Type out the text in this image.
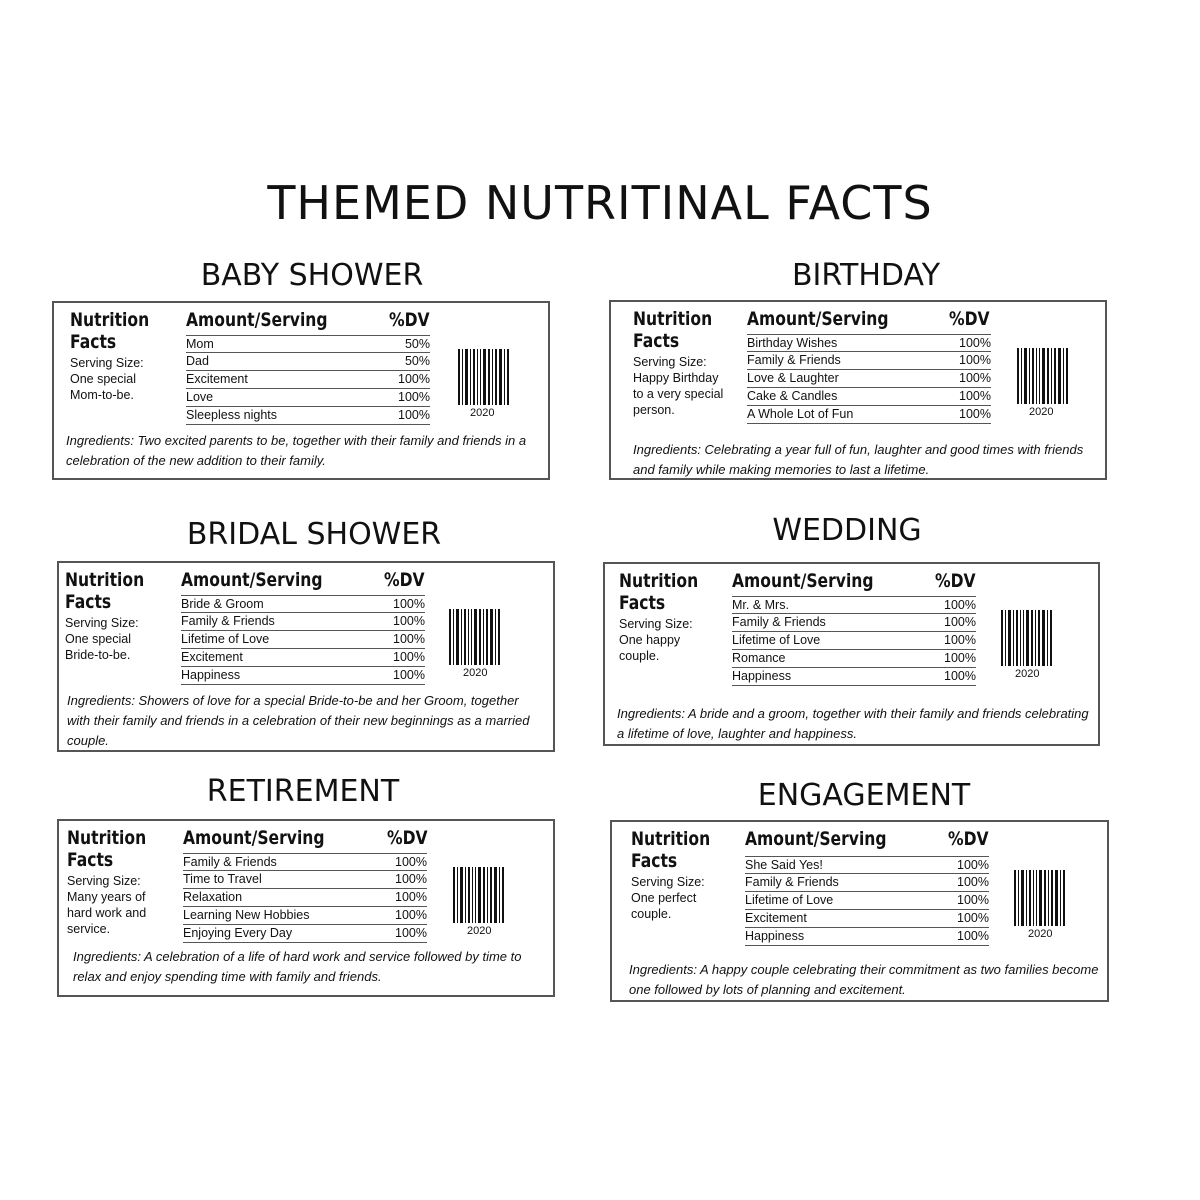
THEMED NUTRITINAL FACTS
BABY SHOWER
Nutrition
Facts
Serving Size: One special Mom-to-be.
Amount/Serving	%DV
Mom	50%
Dad	50%
Excitement	100%
Love	100%
Sleepless nights	100%	2020
Ingredients: Two excited parents to be, together with their family and friends in a celebration of the new addition to their family.
BIRTHDAY
Nutrition
Facts
Serving Size: Happy Birthday to a very special person.
Amount/Serving	%DV
Birthday Wishes	100%
Family & Friends	100%
Love & Laughter	100%
Cake & Candles	100%
A Whole Lot of Fun	100%	2020
Ingredients: Celebrating a year full of fun, laughter and good times with friends and family while making memories to last a lifetime.
BRIDAL SHOWER
Nutrition
Facts
Serving Size: One special Bride-to-be.
Amount/Serving	%DV
Bride & Groom	100%
Family & Friends	100%
Lifetime of Love	100%
Excitement	100%
Happiness	100%	2020
Ingredients: Showers of love for a special Bride-to-be and her Groom, together with their family and friends in a celebration of their new beginnings as a married couple.
WEDDING
Nutrition
Facts
Serving Size: One happy couple.
Amount/Serving	%DV
Mr. & Mrs.	100%
Family & Friends	100%
Lifetime of Love	100%
Romance	100%
Happiness	100%	2020
Ingredients: A bride and a groom, together with their family and friends celebrating a lifetime of love, laughter and happiness.
RETIREMENT
Nutrition
Facts
Serving Size: Many years of hard work and service.
Amount/Serving	%DV
Family & Friends	100%
Time to Travel	100%
Relaxation	100%
Learning New Hobbies	100%
Enjoying Every Day	100%	2020
Ingredients: A celebration of a life of hard work and service followed by time to relax and enjoy spending time with family and friends.
ENGAGEMENT
Nutrition
Facts
Serving Size: One perfect couple.
Amount/Serving	%DV
She Said Yes!	100%
Family & Friends	100%
Lifetime of Love	100%
Excitement	100%
Happiness	100%	2020
Ingredients: A happy couple celebrating their commitment as two families become one followed by lots of planning and excitement.
